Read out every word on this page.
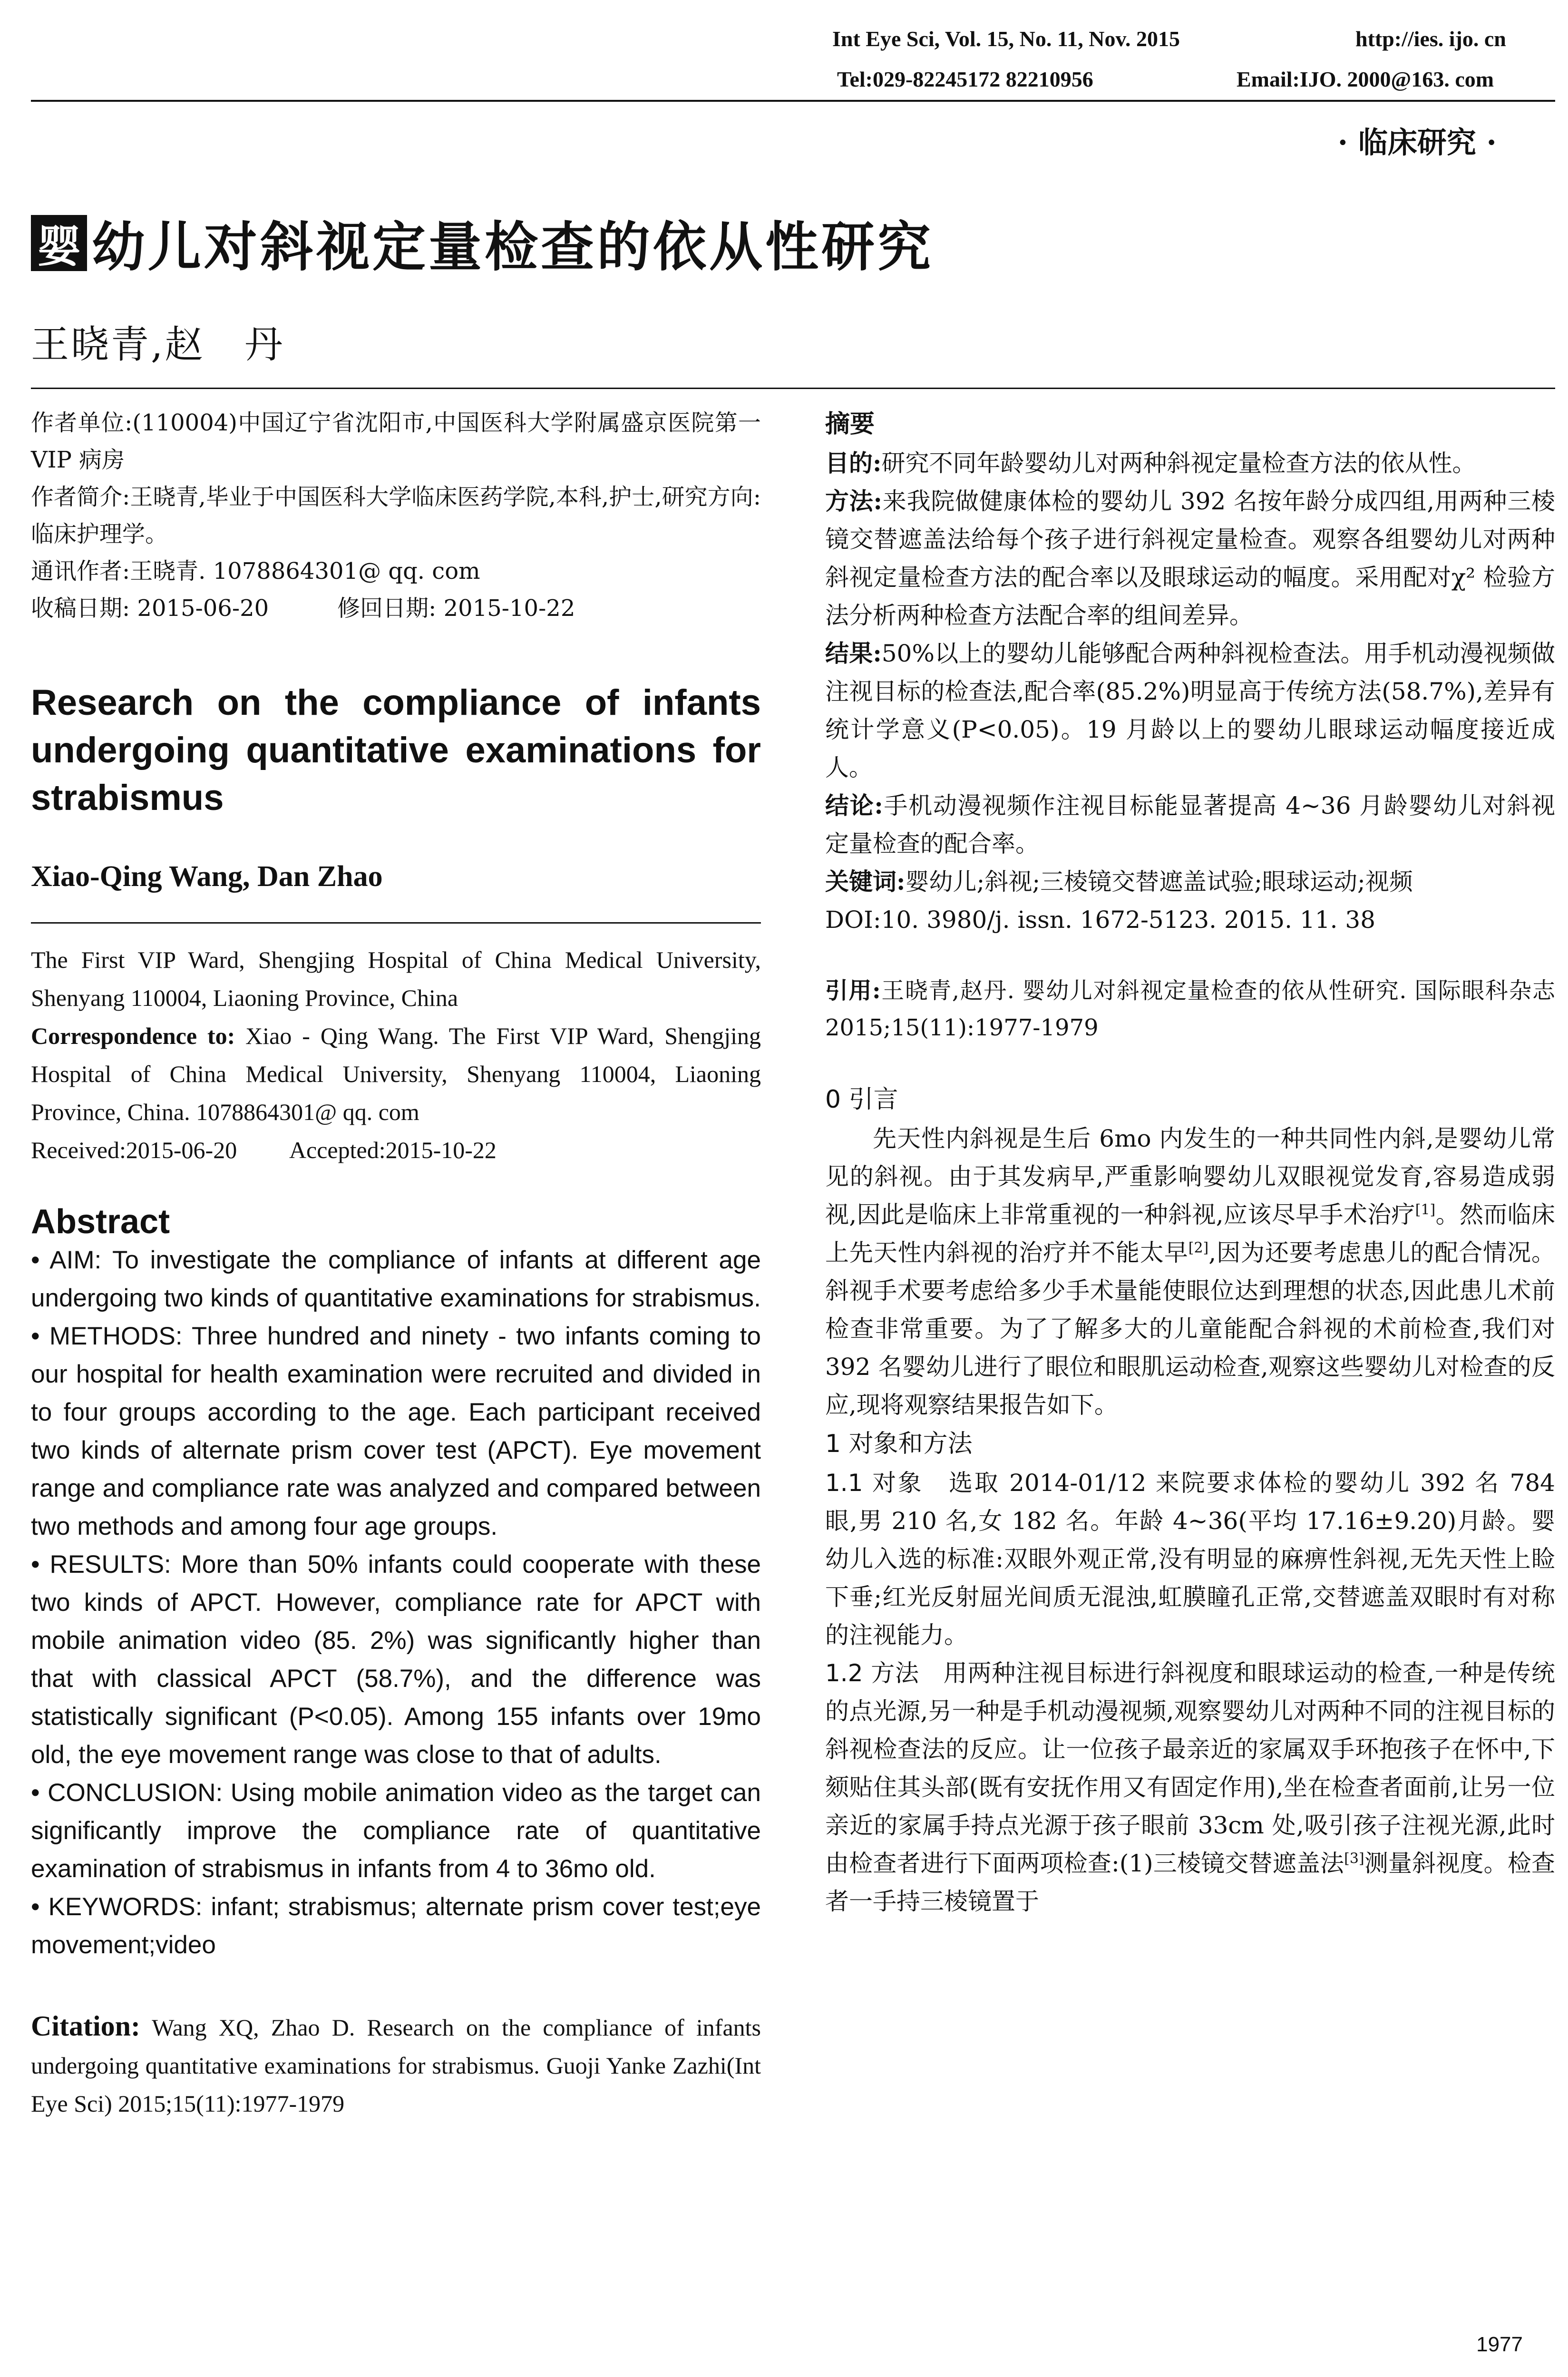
Int Eye Sci, Vol. 15, No. 11, Nov. 2015	http://ies. ijo. cn
Tel:029-82245172 82210956	Email:IJO. 2000@163. com
· 临床研究 ·
婴 幼儿对斜视定量检查的依从性研究
王晓青,赵　丹

作者单位:(110004)中国辽宁省沈阳市,中国医科大学附属盛京医院第一 VIP 病房

作者简介:王晓青,毕业于中国医科大学临床医药学院,本科,护士,研究方向:临床护理学。

通讯作者:王晓青. 1078864301@ qq. com

收稿日期: 2015-06-20　　　修回日期: 2015-10-22

Research on the compliance of infants undergoing quantitative examinations for strabismus

Xiao-Qing Wang, Dan Zhao

The First VIP Ward, Shengjing Hospital of China Medical University, Shenyang 110004, Liaoning Province, China

Correspondence to: Xiao - Qing Wang. The First VIP Ward, Shengjing Hospital of China Medical University, Shenyang 110004, Liaoning Province, China. 1078864301@ qq. com

Received:2015-06-20　　 Accepted:2015-10-22

Abstract

• AIM: To investigate the compliance of infants at different age undergoing two kinds of quantitative examinations for strabismus.

• METHODS: Three hundred and ninety - two infants coming to our hospital for health examination were recruited and divided in to four groups according to the age. Each participant received two kinds of alternate prism cover test (APCT). Eye movement range and compliance rate was analyzed and compared between two methods and among four age groups.

• RESULTS: More than 50% infants could cooperate with these two kinds of APCT. However, compliance rate for APCT with mobile animation video (85. 2%) was significantly higher than that with classical APCT (58.7%), and the difference was statistically significant (P<0.05). Among 155 infants over 19mo old, the eye movement range was close to that of adults.

• CONCLUSION: Using mobile animation video as the target can significantly improve the compliance rate of quantitative examination of strabismus in infants from 4 to 36mo old.

• KEYWORDS: infant; strabismus; alternate prism cover test;eye movement;video

Citation: Wang XQ, Zhao D. Research on the compliance of infants undergoing quantitative examinations for strabismus. Guoji Yanke Zazhi(Int Eye Sci) 2015;15(11):1977-1979

摘要

目的:研究不同年龄婴幼儿对两种斜视定量检查方法的依从性。

方法:来我院做健康体检的婴幼儿 392 名按年龄分成四组,用两种三棱镜交替遮盖法给每个孩子进行斜视定量检查。观察各组婴幼儿对两种斜视定量检查方法的配合率以及眼球运动的幅度。采用配对χ² 检验方法分析两种检查方法配合率的组间差异。

结果:50%以上的婴幼儿能够配合两种斜视检查法。用手机动漫视频做注视目标的检查法,配合率(85.2%)明显高于传统方法(58.7%),差异有统计学意义(P<0.05)。19 月龄以上的婴幼儿眼球运动幅度接近成人。

结论:手机动漫视频作注视目标能显著提高 4~36 月龄婴幼儿对斜视定量检查的配合率。

关键词:婴幼儿;斜视;三棱镜交替遮盖试验;眼球运动;视频

DOI:10. 3980/j. issn. 1672-5123. 2015. 11. 38

引用:王晓青,赵丹. 婴幼儿对斜视定量检查的依从性研究. 国际眼科杂志 2015;15(11):1977-1979

0 引言

先天性内斜视是生后 6mo 内发生的一种共同性内斜,是婴幼儿常见的斜视。由于其发病早,严重影响婴幼儿双眼视觉发育,容易造成弱视,因此是临床上非常重视的一种斜视,应该尽早手术治疗[1]。然而临床上先天性内斜视的治疗并不能太早[2],因为还要考虑患儿的配合情况。斜视手术要考虑给多少手术量能使眼位达到理想的状态,因此患儿术前检查非常重要。为了了解多大的儿童能配合斜视的术前检查,我们对 392 名婴幼儿进行了眼位和眼肌运动检查,观察这些婴幼儿对检查的反应,现将观察结果报告如下。

1 对象和方法

1.1 对象　选取 2014-01/12 来院要求体检的婴幼儿 392 名 784 眼,男 210 名,女 182 名。年龄 4~36(平均 17.16±9.20)月龄。婴幼儿入选的标准:双眼外观正常,没有明显的麻痹性斜视,无先天性上睑下垂;红光反射屈光间质无混浊,虹膜瞳孔正常,交替遮盖双眼时有对称的注视能力。

1.2 方法　用两种注视目标进行斜视度和眼球运动的检查,一种是传统的点光源,另一种是手机动漫视频,观察婴幼儿对两种不同的注视目标的斜视检查法的反应。让一位孩子最亲近的家属双手环抱孩子在怀中,下颏贴住其头部(既有安抚作用又有固定作用),坐在检查者面前,让另一位亲近的家属手持点光源于孩子眼前 33cm 处,吸引孩子注视光源,此时由检查者进行下面两项检查:(1)三棱镜交替遮盖法[3]测量斜视度。检查者一手持三棱镜置于

1977
